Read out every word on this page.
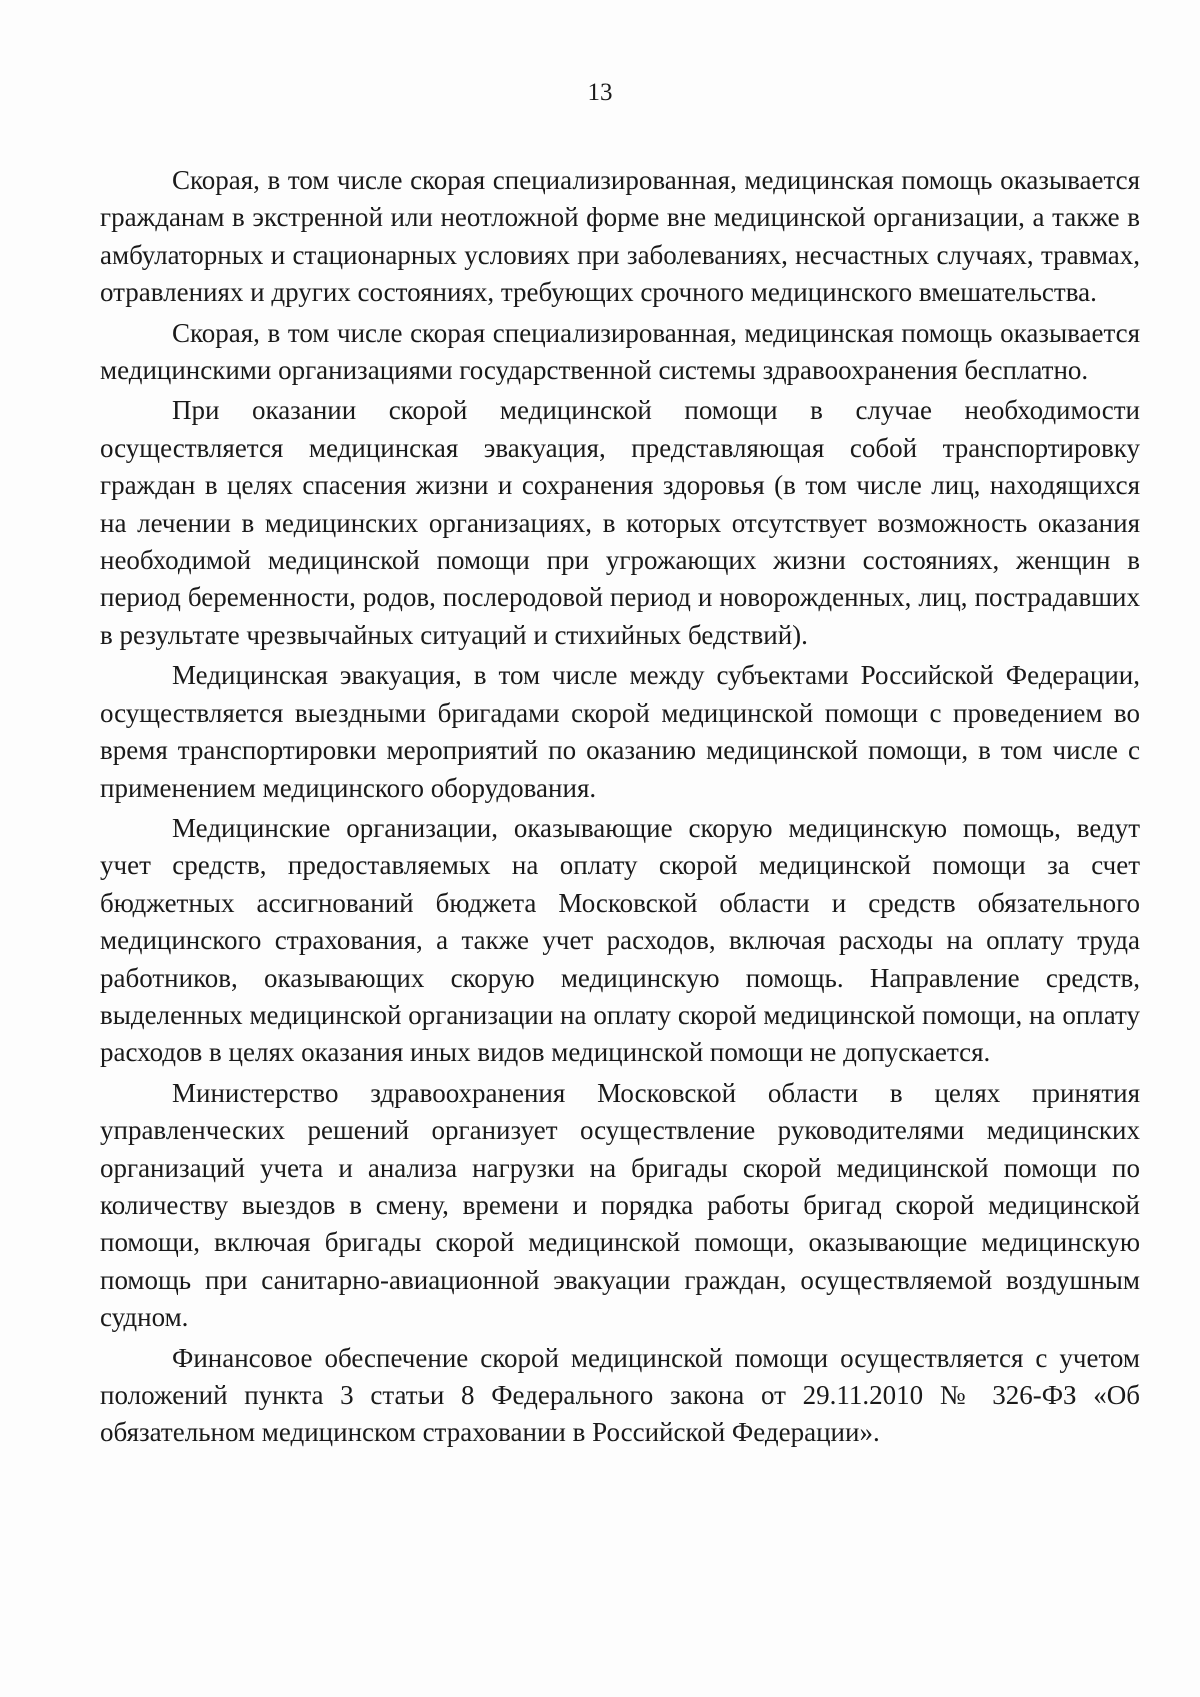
13

Скорая, в том числе скорая специализированная, медицинская помощь оказывается гражданам в экстренной или неотложной форме вне медицинской организации, а также в амбулаторных и стационарных условиях при заболеваниях, несчастных случаях, травмах, отравлениях и других состояниях, требующих срочного медицинского вмешательства.

Скорая, в том числе скорая специализированная, медицинская помощь оказывается медицинскими организациями государственной системы здравоохранения бесплатно.

При оказании скорой медицинской помощи в случае необходимости осуществляется медицинская эвакуация, представляющая собой транспортировку граждан в целях спасения жизни и сохранения здоровья (в том числе лиц, находящихся на лечении в медицинских организациях, в которых отсутствует возможность оказания необходимой медицинской помощи при угрожающих жизни состояниях, женщин в период беременности, родов, послеродовой период и новорожденных, лиц, пострадавших в результате чрезвычайных ситуаций и стихийных бедствий).

Медицинская эвакуация, в том числе между субъектами Российской Федерации, осуществляется выездными бригадами скорой медицинской помощи с проведением во время транспортировки мероприятий по оказанию медицинской помощи, в том числе с применением медицинского оборудования.

Медицинские организации, оказывающие скорую медицинскую помощь, ведут учет средств, предоставляемых на оплату скорой медицинской помощи за счет бюджетных ассигнований бюджета Московской области и средств обязательного медицинского страхования, а также учет расходов, включая расходы на оплату труда работников, оказывающих скорую медицинскую помощь. Направление средств, выделенных медицинской организации на оплату скорой медицинской помощи, на оплату расходов в целях оказания иных видов медицинской помощи не допускается.

Министерство здравоохранения Московской области в целях принятия управленческих решений организует осуществление руководителями медицинских организаций учета и анализа нагрузки на бригады скорой медицинской помощи по количеству выездов в смену, времени и порядка работы бригад скорой медицинской помощи, включая бригады скорой медицинской помощи, оказывающие медицинскую помощь при санитарно-авиационной эвакуации граждан, осуществляемой воздушным судном.

Финансовое обеспечение скорой медицинской помощи осуществляется с учетом положений пункта 3 статьи 8 Федерального закона от 29.11.2010 № 326-ФЗ «Об обязательном медицинском страховании в Российской Федерации».
